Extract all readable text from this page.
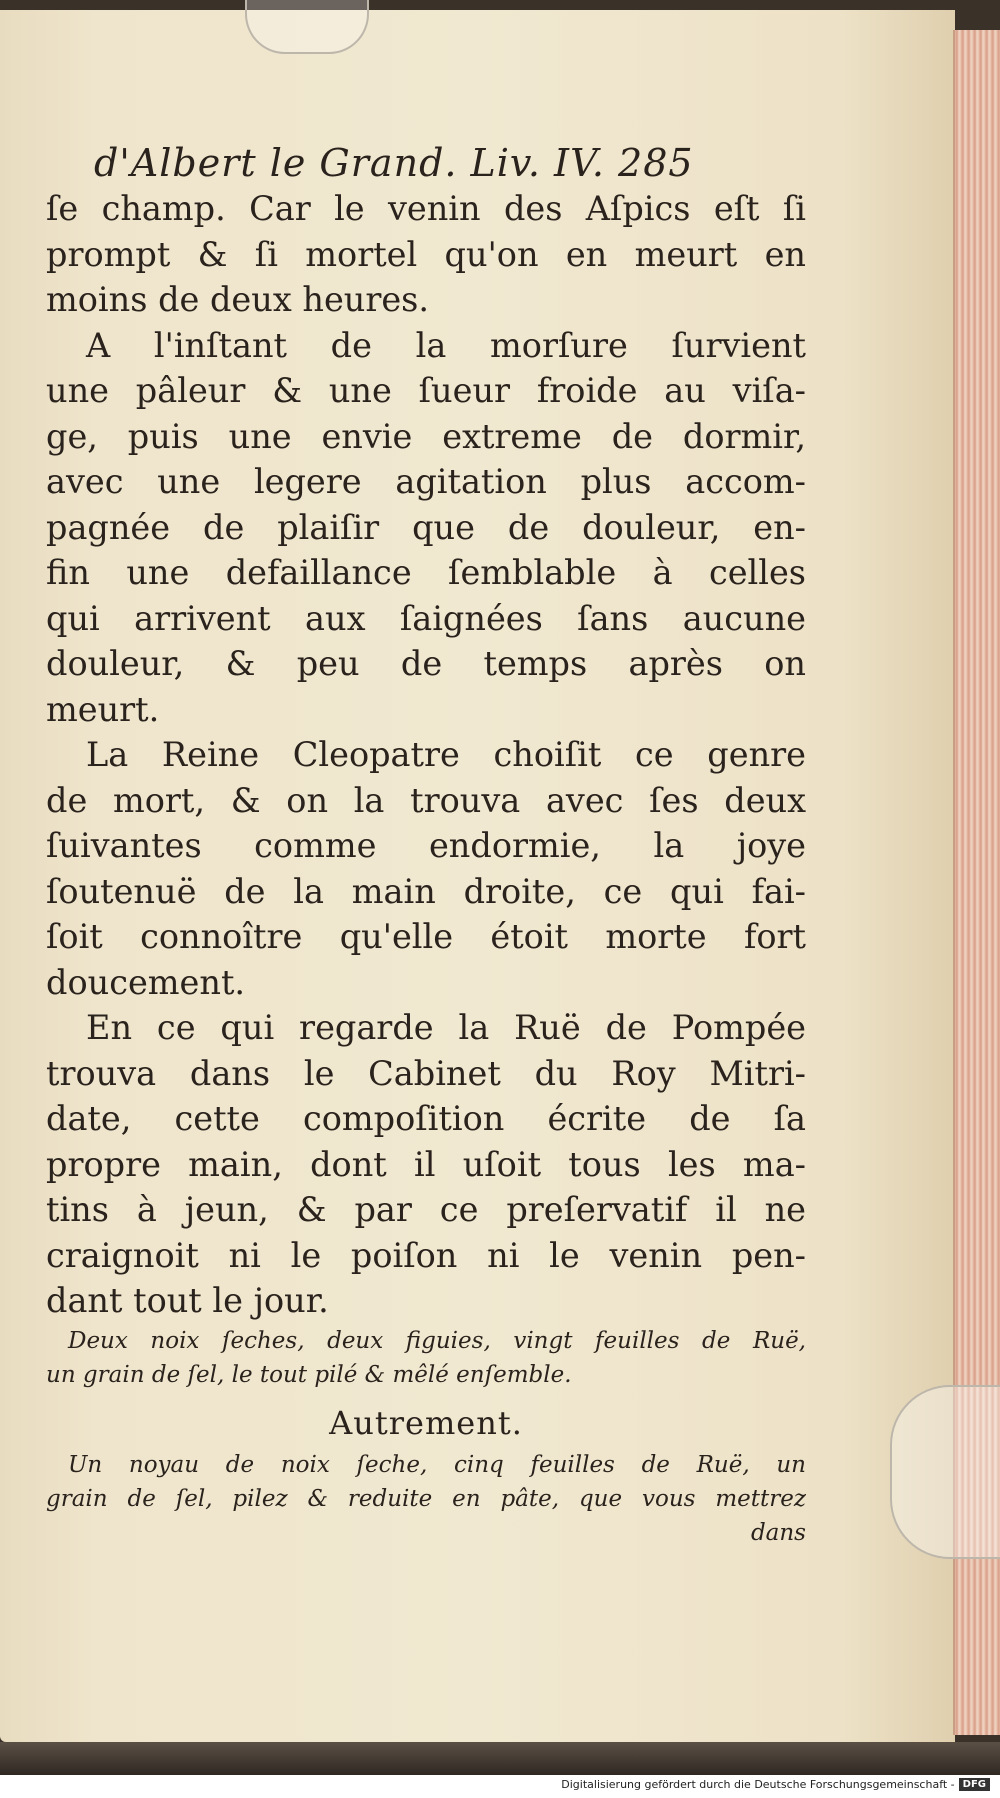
d'Albert le Grand. Liv. IV. 285
ſe champ. Car le venin des Aſpics eſt ſi
prompt & ſi mortel qu'on en meurt en
moins de deux heures.
A l'inſtant de la morſure ſurvient
une pâleur & une ſueur froide au viſa-
ge, puis une envie extreme de dormir,
avec une legere agitation plus accom-
pagnée de plaiſir que de douleur, en-
fin une defaillance ſemblable à celles
qui arrivent aux ſaignées ſans aucune
douleur, & peu de temps après on
meurt.
La Reine Cleopatre choiſit ce genre
de mort, & on la trouva avec ſes deux
ſuivantes comme endormie, la joye
ſoutenuë de la main droite, ce qui fai-
ſoit connoître qu'elle étoit morte fort
doucement.
En ce qui regarde la Ruë de Pompée
trouva dans le Cabinet du Roy Mitri-
date, cette compoſition écrite de ſa
propre main, dont il uſoit tous les ma-
tins à jeun, & par ce preſervatif il ne
craignoit ni le poiſon ni le venin pen-
dant tout le jour.
Deux noix ſeches, deux figuies, vingt feuilles de Ruë,
un grain de ſel, le tout pilé & mêlé enſemble.
Autrement.
Un noyau de noix ſeche, cinq feuilles de Ruë, un
grain de ſel, pilez & reduite en pâte, que vous mettrez
dans
Digitalisierung gefördert durch die Deutsche Forschungsgemeinschaft - DFG
